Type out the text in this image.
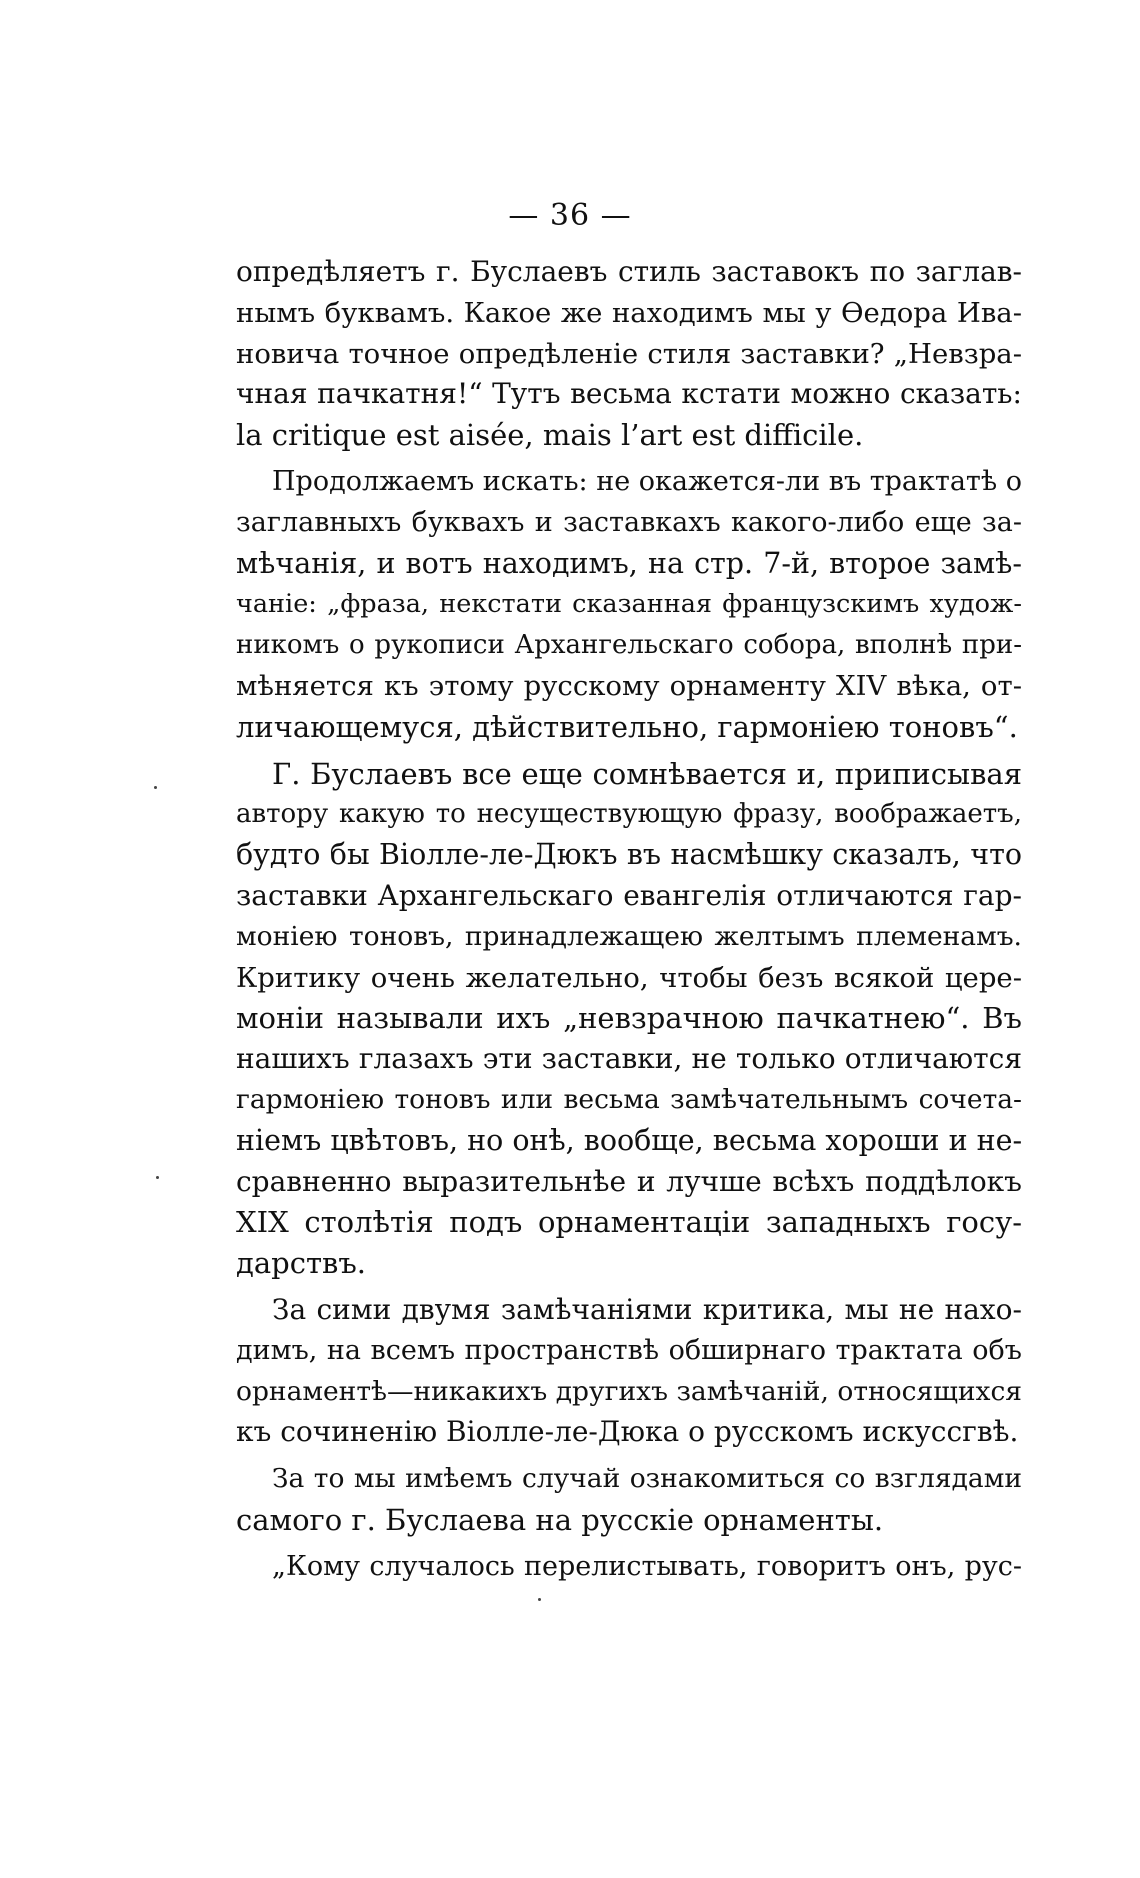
— 36 —
опредѣляетъ г. Буслаевъ стиль заставокъ по заглав-
нымъ буквамъ. Какое же находимъ мы у Ѳедора Ива-
новича точное опредѣленіе стиля заставки? „Невзра-
чная пачкатня!“ Тутъ весьма кстати можно сказать:
la critique est aisée, mais l’art est difficile.
Продолжаемъ искать: не окажется-ли въ трактатѣ о
заглавныхъ буквахъ и заставкахъ какого-либо еще за-
мѣчанія, и вотъ находимъ, на стр. 7-й, второе замѣ-
чаніе: „фраза, некстати сказанная французскимъ худож-
никомъ о рукописи Архангельскаго собора, вполнѣ при-
мѣняется къ этому русскому орнаменту XIV вѣка, от-
личающемуся, дѣйствительно, гармоніею тоновъ“.
Г. Буслаевъ все еще сомнѣвается и, приписывая
автору какую то несуществующую фразу, воображаетъ,
будто бы Віолле-ле-Дюкъ въ насмѣшку сказалъ, что
заставки Архангельскаго евангелія отличаются гар-
моніею тоновъ, принадлежащею желтымъ племенамъ.
Критику очень желательно, чтобы безъ всякой цере-
моніи называли ихъ „невзрачною пачкатнею“. Въ
нашихъ глазахъ эти заставки, не только отличаются
гармоніею тоновъ или весьма замѣчательнымъ сочета-
ніемъ цвѣтовъ, но онѣ, вообще, весьма хороши и не-
сравненно выразительнѣе и лучше всѣхъ поддѣлокъ
XIX столѣтія подъ орнаментаціи западныхъ госу-
дарствъ.
За сими двумя замѣчаніями критика, мы не нахо-
димъ, на всемъ пространствѣ обширнаго трактата объ
орнаментѣ—никакихъ другихъ замѣчаній, относящихся
къ сочиненію Віолле-ле-Дюка о русскомъ искуссгвѣ.
За то мы имѣемъ случай ознакомиться со взглядами
самого г. Буслаева на русскіе орнаменты.
„Кому случалось перелистывать, говоритъ онъ, рус-
